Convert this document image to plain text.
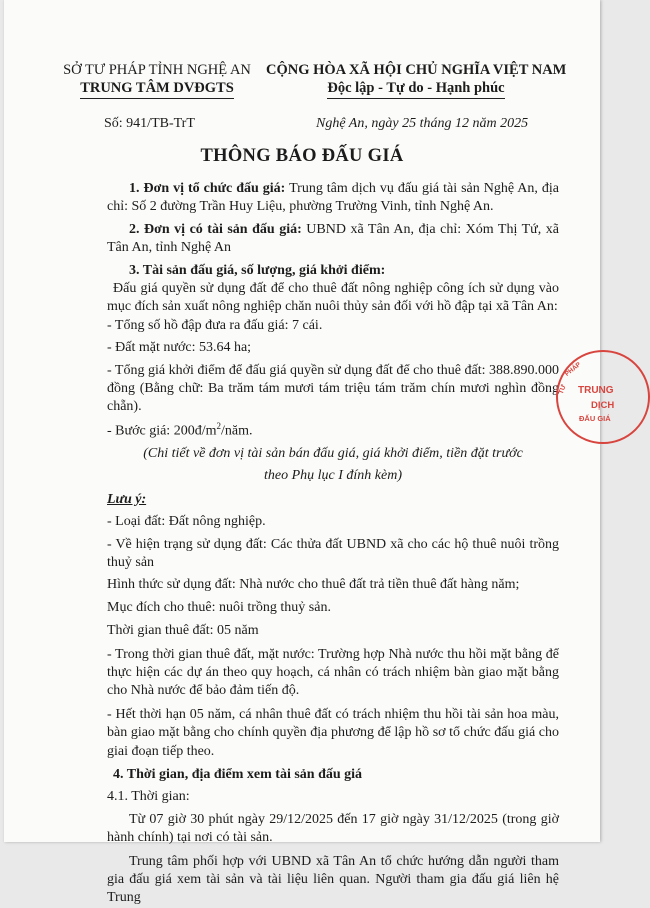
SỞ TƯ PHÁP TỈNH NGHỆ AN
TRUNG TÂM DVĐGTS
CỘNG HÒA XÃ HỘI CHỦ NGHĨA VIỆT NAM
Độc lập - Tự do - Hạnh phúc
Số: 941/TB-TrT	Nghệ An, ngày 25 tháng 12 năm 2025
THÔNG BÁO ĐẤU GIÁ

1. Đơn vị tổ chức đấu giá: Trung tâm dịch vụ đấu giá tài sản Nghệ An, địa chỉ: Số 2 đường Trần Huy Liệu, phường Trường Vinh, tỉnh Nghệ An.

2. Đơn vị có tài sản đấu giá: UBND xã Tân An, địa chỉ: Xóm Thị Tứ, xã Tân An, tỉnh Nghệ An

3. Tài sản đấu giá, số lượng, giá khởi điểm:

Đấu giá quyền sử dụng đất để cho thuê đất nông nghiệp công ích sử dụng vào mục đích sản xuất nông nghiệp chăn nuôi thủy sản đối với hồ đập tại xã Tân An:

- Tổng số hồ đập đưa ra đấu giá: 7 cái.

- Đất mặt nước: 53.64 ha;

- Tổng giá khởi điểm để đấu giá quyền sử dụng đất để cho thuê đất: 388.890.000 đồng (Bằng chữ: Ba trăm tám mươi tám triệu tám trăm chín mươi nghìn đồng chẵn).

- Bước giá: $200đ/m^2$/năm.

(Chi tiết về đơn vị tài sản bán đấu giá, giá khởi điểm, tiền đặt trước

theo Phụ lục I đính kèm)

Lưu ý:

- Loại đất: Đất nông nghiệp.

- Về hiện trạng sử dụng đất: Các thửa đất UBND xã cho các hộ thuê nuôi trồng thuỷ sản

Hình thức sử dụng đất: Nhà nước cho thuê đất trả tiền thuê đất hàng năm;

Mục đích cho thuê: nuôi trồng thuỷ sản.

Thời gian thuê đất: 05 năm

- Trong thời gian thuê đất, mặt nước: Trường hợp Nhà nước thu hồi mặt bằng để thực hiện các dự án theo quy hoạch, cá nhân có trách nhiệm bàn giao mặt bằng cho Nhà nước để bảo đảm tiến độ.

- Hết thời hạn 05 năm, cá nhân thuê đất có trách nhiệm thu hồi tài sản hoa màu, bàn giao mặt bằng cho chính quyền địa phương để lập hồ sơ tổ chức đấu giá cho giai đoạn tiếp theo.

4. Thời gian, địa điểm xem tài sản đấu giá

4.1. Thời gian:

Từ 07 giờ 30 phút ngày 29/12/2025 đến 17 giờ ngày 31/12/2025 (trong giờ hành chính) tại nơi có tài sản.

Trung tâm phối hợp với UBND xã Tân An tổ chức hướng dẫn người tham gia đấu giá xem tài sản và tài liệu liên quan. Người tham gia đấu giá liên hệ Trung

PHÁP
TƯ TRUNG
DỊCH
ĐẤU GIÁ
